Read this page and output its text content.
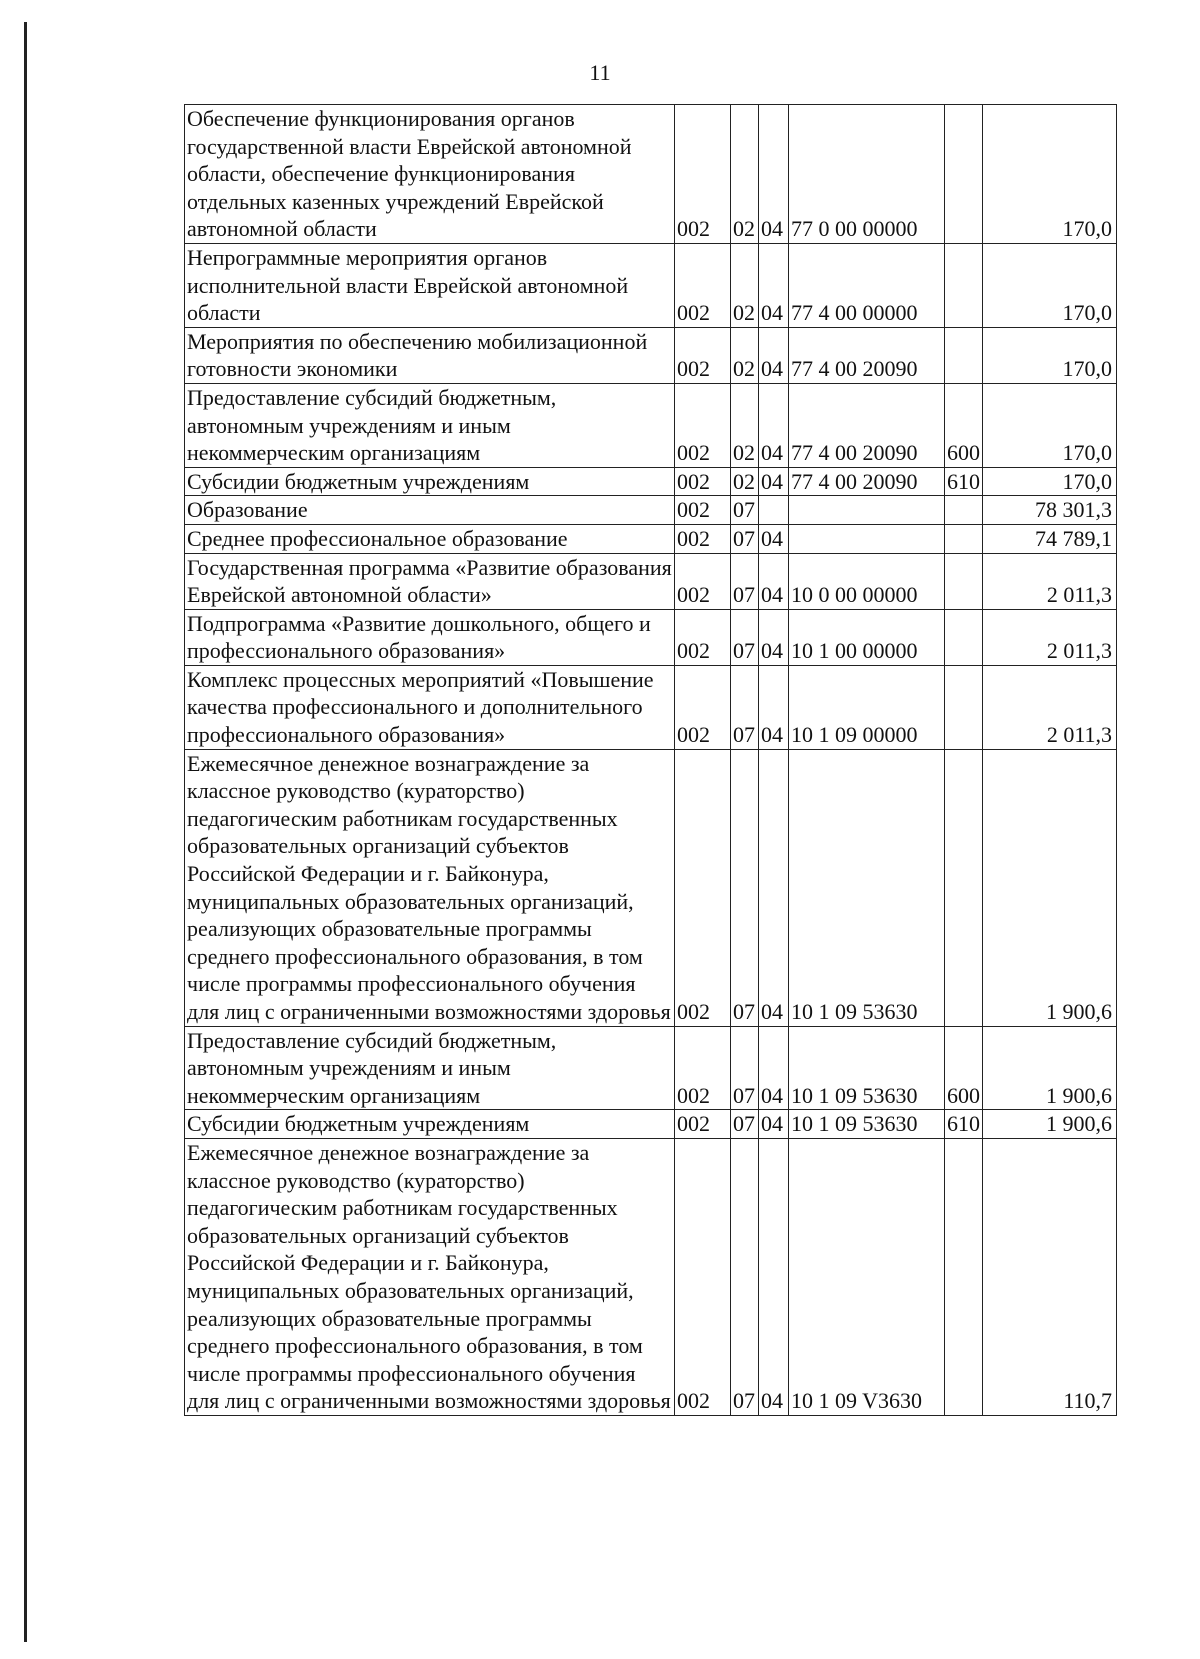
11
Обеспечение функционирования органов государственной власти Еврейской автономной области, обеспечение функционирования отдельных казенных учреждений Еврейской автономной области	002	02	04	77 0 00 00000		170,0
Непрограммные мероприятия органов исполнительной власти Еврейской автономной области	002	02	04	77 4 00 00000		170,0
Мероприятия по обеспечению мобилизационной готовности экономики	002	02	04	77 4 00 20090		170,0
Предоставление субсидий бюджетным, автономным учреждениям и иным некоммерческим организациям	002	02	04	77 4 00 20090	600	170,0
Субсидии бюджетным учреждениям	002	02	04	77 4 00 20090	610	170,0
Образование	002	07				78 301,3
Среднее профессиональное образование	002	07	04			74 789,1
Государственная программа «Развитие образования Еврейской автономной области»	002	07	04	10 0 00 00000		2 011,3
Подпрограмма «Развитие дошкольного, общего и профессионального образования»	002	07	04	10 1 00 00000		2 011,3
Комплекс процессных мероприятий «Повышение качества профессионального и дополнительного профессионального образования»	002	07	04	10 1 09 00000		2 011,3
Ежемесячное денежное вознаграждение за классное руководство (кураторство) педагогическим работникам государственных образовательных организаций субъектов Российской Федерации и г. Байконура, муниципальных образовательных организаций, реализующих образовательные программы среднего профессионального образования, в том числе программы профессионального обучения для лиц с ограниченными возможностями здоровья	002	07	04	10 1 09 53630		1 900,6
Предоставление субсидий бюджетным, автономным учреждениям и иным некоммерческим организациям	002	07	04	10 1 09 53630	600	1 900,6
Субсидии бюджетным учреждениям	002	07	04	10 1 09 53630	610	1 900,6
Ежемесячное денежное вознаграждение за классное руководство (кураторство) педагогическим работникам государственных образовательных организаций субъектов Российской Федерации и г. Байконура, муниципальных образовательных организаций, реализующих образовательные программы среднего профессионального образования, в том числе программы профессионального обучения для лиц с ограниченными возможностями здоровья	002	07	04	10 1 09 V3630		110,7
